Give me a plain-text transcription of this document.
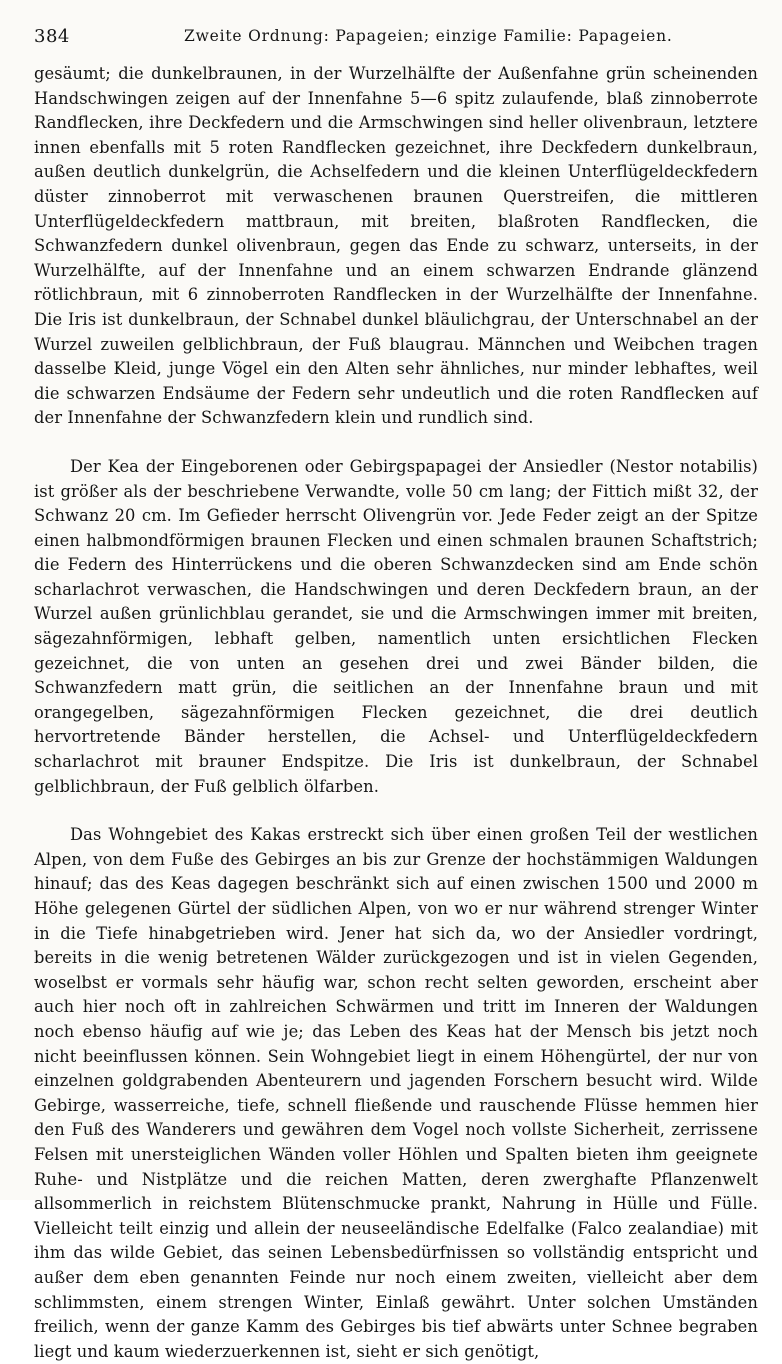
384	Zweite Ordnung: Papageien; einzige Familie: Papageien.

gesäumt; die dunkelbraunen, in der Wurzelhälfte der Außenfahne grün scheinenden Handschwingen zeigen auf der Innenfahne 5—6 spitz zulaufende, blaß zinnoberrote Randflecken, ihre Deckfedern und die Armschwingen sind heller olivenbraun, letztere innen ebenfalls mit 5 roten Randflecken gezeichnet, ihre Deckfedern dunkelbraun, außen deutlich dunkelgrün, die Achselfedern und die kleinen Unterflügeldeckfedern düster zinnoberrot mit verwaschenen braunen Querstreifen, die mittleren Unterflügeldeckfedern mattbraun, mit breiten, blaßroten Randflecken, die Schwanzfedern dunkel olivenbraun, gegen das Ende zu schwarz, unterseits, in der Wurzelhälfte, auf der Innenfahne und an einem schwarzen Endrande glänzend rötlichbraun, mit 6 zinnoberroten Randflecken in der Wurzelhälfte der Innenfahne. Die Iris ist dunkelbraun, der Schnabel dunkel bläulichgrau, der Unterschnabel an der Wurzel zuweilen gelblichbraun, der Fuß blaugrau. Männchen und Weibchen tragen dasselbe Kleid, junge Vögel ein den Alten sehr ähnliches, nur minder lebhaftes, weil die schwarzen Endsäume der Federn sehr undeutlich und die roten Randflecken auf der Innenfahne der Schwanzfedern klein und rundlich sind.

Der Kea der Eingeborenen oder Gebirgspapagei der Ansiedler (Nestor notabilis) ist größer als der beschriebene Verwandte, volle 50 cm lang; der Fittich mißt 32, der Schwanz 20 cm. Im Gefieder herrscht Olivengrün vor. Jede Feder zeigt an der Spitze einen halbmondförmigen braunen Flecken und einen schmalen braunen Schaftstrich; die Federn des Hinterrückens und die oberen Schwanzdecken sind am Ende schön scharlachrot verwaschen, die Handschwingen und deren Deckfedern braun, an der Wurzel außen grünlichblau gerandet, sie und die Armschwingen immer mit breiten, sägezahnförmigen, lebhaft gelben, namentlich unten ersichtlichen Flecken gezeichnet, die von unten an gesehen drei und zwei Bänder bilden, die Schwanzfedern matt grün, die seitlichen an der Innenfahne braun und mit orangegelben, sägezahnförmigen Flecken gezeichnet, die drei deutlich hervortretende Bänder herstellen, die Achsel- und Unterflügeldeckfedern scharlachrot mit brauner Endspitze. Die Iris ist dunkelbraun, der Schnabel gelblichbraun, der Fuß gelblich ölfarben.

Das Wohngebiet des Kakas erstreckt sich über einen großen Teil der westlichen Alpen, von dem Fuße des Gebirges an bis zur Grenze der hochstämmigen Waldungen hinauf; das des Keas dagegen beschränkt sich auf einen zwischen 1500 und 2000 m Höhe gelegenen Gürtel der südlichen Alpen, von wo er nur während strenger Winter in die Tiefe hinabgetrieben wird. Jener hat sich da, wo der Ansiedler vordringt, bereits in die wenig betretenen Wälder zurückgezogen und ist in vielen Gegenden, woselbst er vormals sehr häufig war, schon recht selten geworden, erscheint aber auch hier noch oft in zahlreichen Schwärmen und tritt im Inneren der Waldungen noch ebenso häufig auf wie je; das Leben des Keas hat der Mensch bis jetzt noch nicht beeinflussen können. Sein Wohngebiet liegt in einem Höhengürtel, der nur von einzelnen goldgrabenden Abenteurern und jagenden Forschern besucht wird. Wilde Gebirge, wasserreiche, tiefe, schnell fließende und rauschende Flüsse hemmen hier den Fuß des Wanderers und gewähren dem Vogel noch vollste Sicherheit, zerrissene Felsen mit unersteiglichen Wänden voller Höhlen und Spalten bieten ihm geeignete Ruhe- und Nistplätze und die reichen Matten, deren zwerghafte Pflanzenwelt allsommerlich in reichstem Blütenschmucke prankt, Nahrung in Hülle und Fülle. Vielleicht teilt einzig und allein der neuseeländische Edelfalke (Falco zealandiae) mit ihm das wilde Gebiet, das seinen Lebensbedürfnissen so vollständig entspricht und außer dem eben genannten Feinde nur noch einem zweiten, vielleicht aber dem schlimmsten, einem strengen Winter, Einlaß gewährt. Unter solchen Umständen freilich, wenn der ganze Kamm des Gebirges bis tief abwärts unter Schnee begraben liegt und kaum wiederzuerkennen ist, sieht er sich genötigt,
